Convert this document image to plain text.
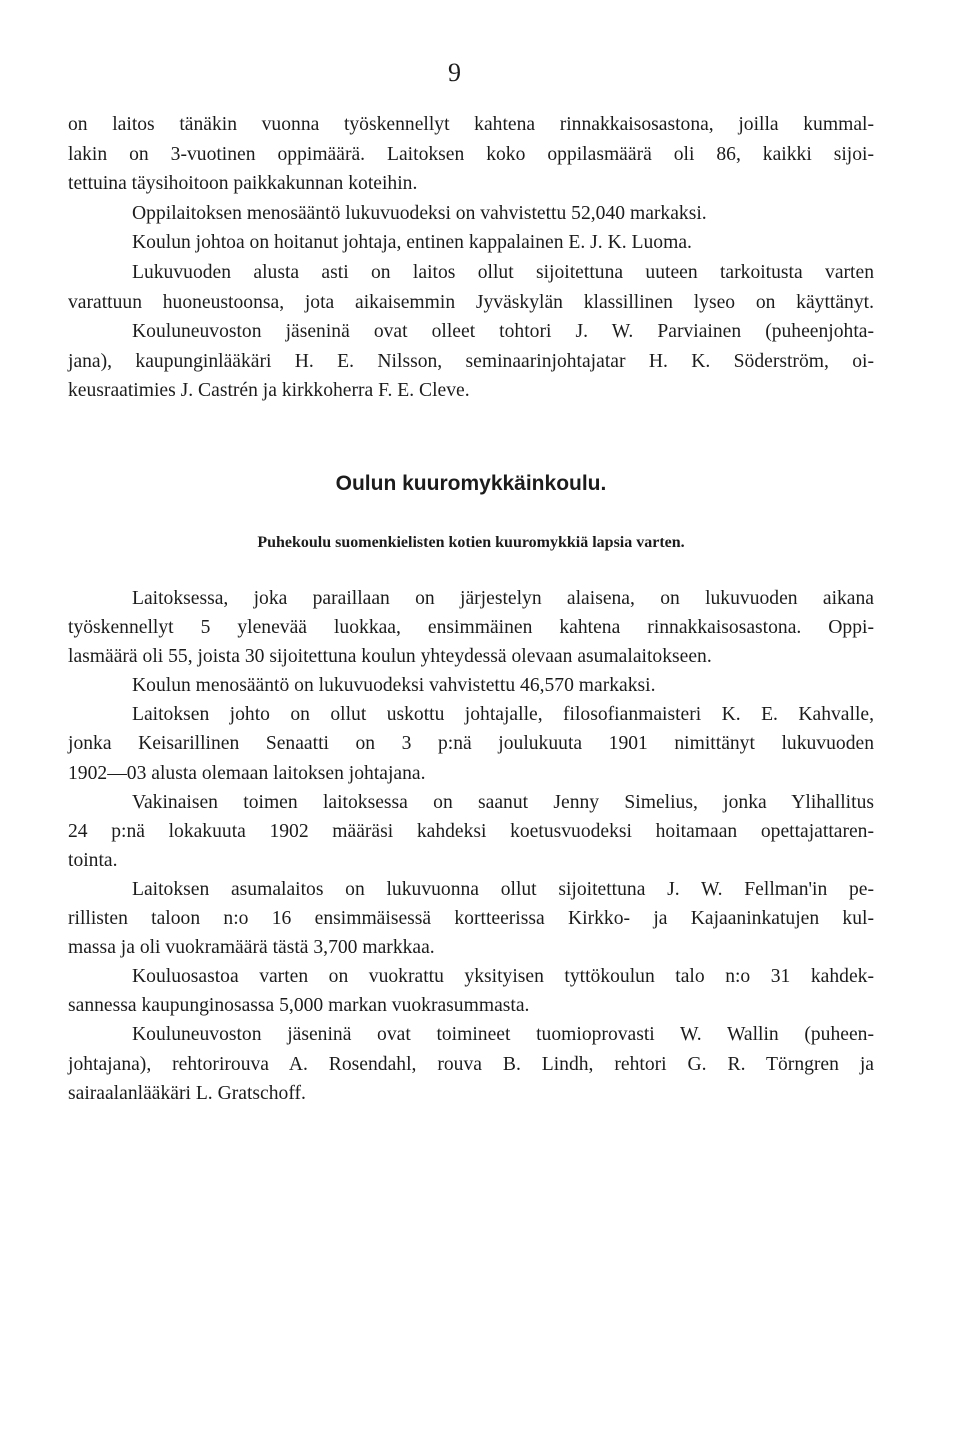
9
on laitos tänäkin vuonna työskennellyt kahtena rinnakkaisosastona, joilla kummal-
lakin on 3-vuotinen oppimäärä. Laitoksen koko oppilasmäärä oli 86, kaikki sijoi-
tettuina täysihoitoon paikkakunnan koteihin.
Oppilaitoksen menosääntö lukuvuodeksi on vahvistettu 52,040 markaksi.
Koulun johtoa on hoitanut johtaja, entinen kappalainen E. J. K. Luoma.
Lukuvuoden alusta asti on laitos ollut sijoitettuna uuteen tarkoitusta varten
varattuun huoneustoonsa, jota aikaisemmin Jyväskylän klassillinen lyseo on käyttänyt.
Kouluneuvoston jäseninä ovat olleet tohtori J. W. Parviainen (puheenjohta-
jana), kaupunginlääkäri H. E. Nilsson, seminaarinjohtajatar H. K. Söderström, oi-
keusraatimies J. Castrén ja kirkkoherra F. E. Cleve.
Oulun kuuromykkäinkoulu.
Puhekoulu suomenkielisten kotien kuuromykkiä lapsia varten.
Laitoksessa, joka paraillaan on järjestelyn alaisena, on lukuvuoden aikana
työskennellyt 5 ylenevää luokkaa, ensimmäinen kahtena rinnakkaisosastona. Oppi-
lasmäärä oli 55, joista 30 sijoitettuna koulun yhteydessä olevaan asumalaitokseen.
Koulun menosääntö on lukuvuodeksi vahvistettu 46,570 markaksi.
Laitoksen johto on ollut uskottu johtajalle, filosofianmaisteri K. E. Kahvalle,
jonka Keisarillinen Senaatti on 3 p:nä joulukuuta 1901 nimittänyt lukuvuoden
1902—03 alusta olemaan laitoksen johtajana.
Vakinaisen toimen laitoksessa on saanut Jenny Simelius, jonka Ylihallitus
24 p:nä lokakuuta 1902 määräsi kahdeksi koetusvuodeksi hoitamaan opettajattaren-
tointa.
Laitoksen asumalaitos on lukuvuonna ollut sijoitettuna J. W. Fellman'in pe-
rillisten taloon n:o 16 ensimmäisessä kortteerissa Kirkko- ja Kajaaninkatujen kul-
massa ja oli vuokramäärä tästä 3,700 markkaa.
Kouluosastoa varten on vuokrattu yksityisen tyttökoulun talo n:o 31 kahdek-
sannessa kaupunginosassa 5,000 markan vuokrasummasta.
Kouluneuvoston jäseninä ovat toimineet tuomioprovasti W. Wallin (puheen-
johtajana), rehtorirouva A. Rosendahl, rouva B. Lindh, rehtori G. R. Törngren ja
sairaalanlääkäri L. Gratschoff.
